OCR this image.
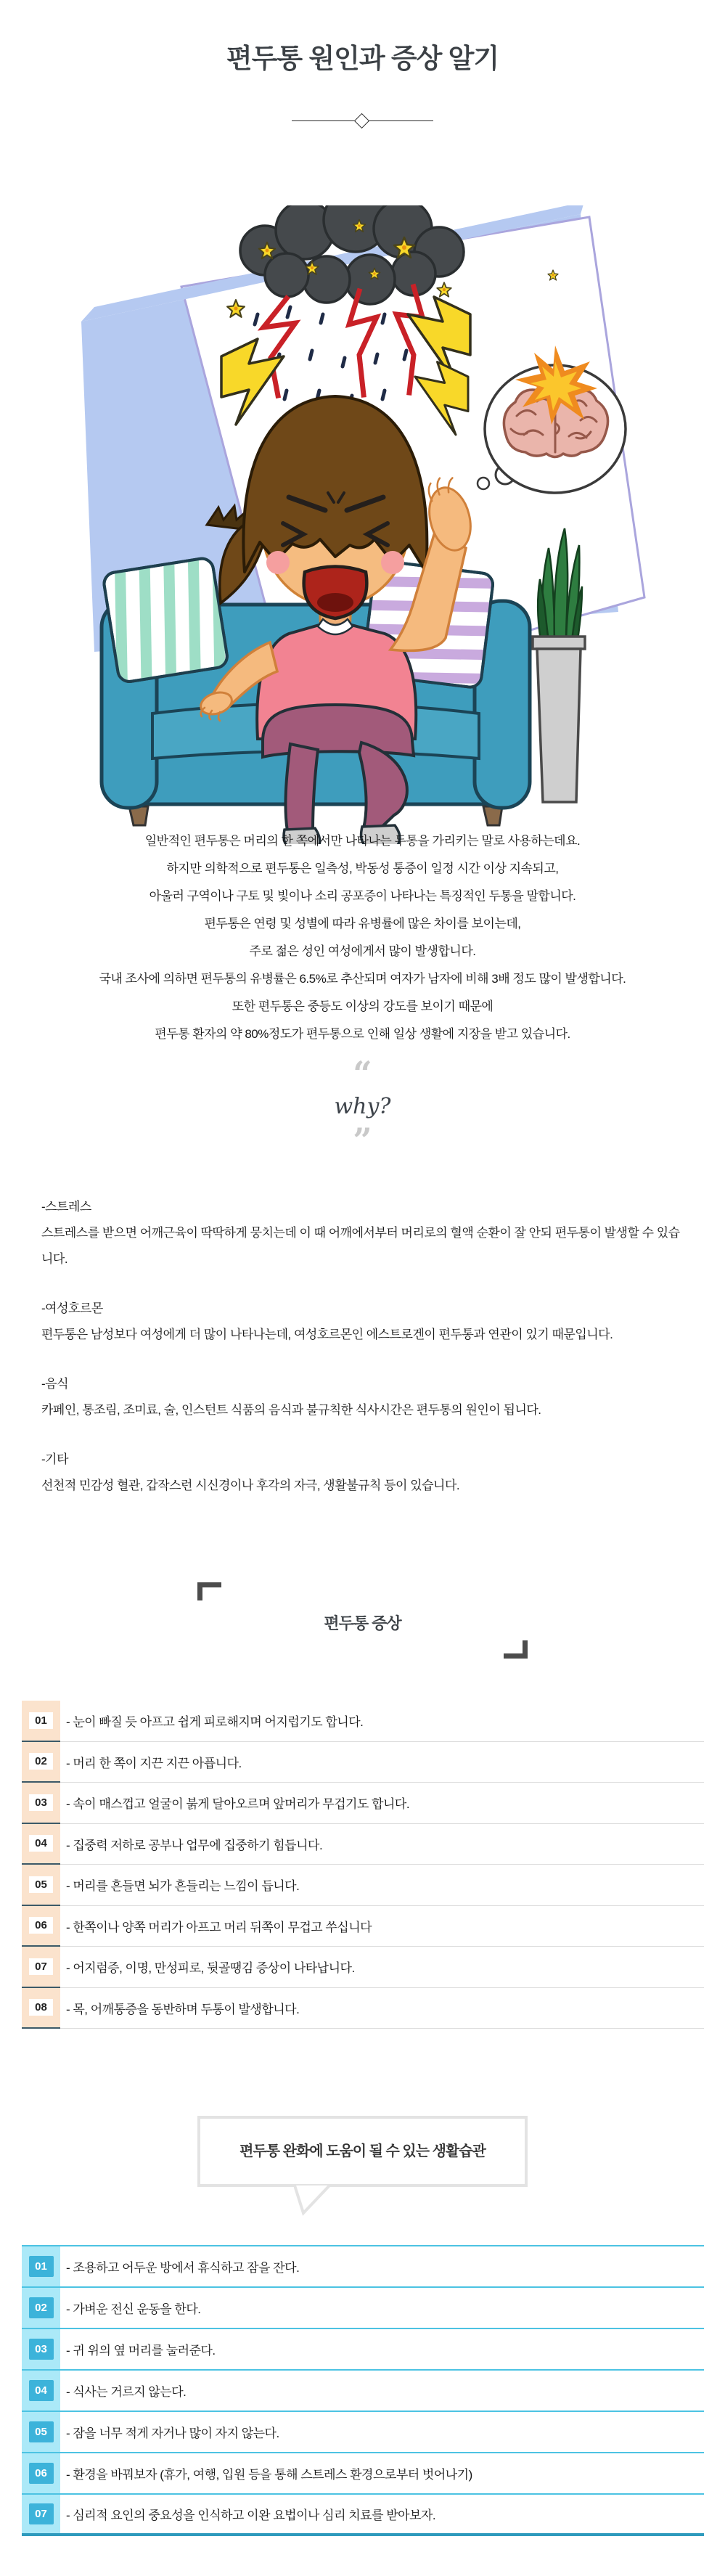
편두통 원인과 증상 알기
일반적인 편두통은 머리의 한 쪽에서만 나타나는 두통을 가리키는 말로 사용하는데요.
하지만 의학적으로 편두통은 일측성, 박동성 통증이 일정 시간 이상 지속되고,
아울러 구역이나 구토 및 빛이나 소리 공포증이 나타나는 특징적인 두통을 말합니다.
편두통은 연령 및 성별에 따라 유병률에 많은 차이를 보이는데,
주로 젊은 성인 여성에게서 많이 발생합니다.
국내 조사에 의하면 편두통의 유병률은 6.5%로 추산되며 여자가 남자에 비해 3배 정도 많이 발생합니다.
또한 편두통은 중등도 이상의 강도를 보이기 때문에
편두통 환자의 약 80%정도가 편두통으로 인해 일상 생활에 지장을 받고 있습니다.
“
why?
”
-스트레스
스트레스를 받으면 어깨근육이 딱딱하게 뭉치는데 이 때 어깨에서부터 머리로의 혈액 순환이 잘 안되 편두통이 발생할 수 있습니다.
-여성호르몬
편두통은 남성보다 여성에게 더 많이 나타나는데, 여성호르몬인 에스트로겐이 편두통과 연관이 있기 때문입니다.
-음식
카페인, 통조림, 조미료, 술, 인스턴트 식품의 음식과 불규칙한 식사시간은 편두통의 원인이 됩니다.
-기타
선천적 민감성 혈관, 갑작스런 시신경이나 후각의 자극, 생활불규칙 등이 있습니다.
편두통 증상
01	- 눈이 빠질 듯 아프고 쉽게 피로해지며 어지럽기도 합니다.
02	- 머리 한 쪽이 지끈 지끈 아픕니다.
03	- 속이 매스껍고 얼굴이 붉게 달아오르며 앞머리가 무겁기도 합니다.
04	- 집중력 저하로 공부나 업무에 집중하기 힘듭니다.
05	- 머리를 흔들면 뇌가 흔들리는 느낌이 듭니다.
06	- 한쪽이나 양쪽 머리가 아프고 머리 뒤쪽이 무겁고 쑤십니다
07	- 어지럼증, 이명, 만성피로, 뒷골땡김 증상이 나타납니다.
08	- 목, 어깨통증을 동반하며 두통이 발생합니다.
편두통 완화에 도움이 될 수 있는 생활습관
01	- 조용하고 어두운 방에서 휴식하고 잠을 잔다.
02	- 가벼운 전신 운동을 한다.
03	- 귀 위의 옆 머리를 눌러준다.
04	- 식사는 거르지 않는다.
05	- 잠을 너무 적게 자거나 많이 자지 않는다.
06	- 환경을 바꿔보자 (휴가, 여행, 입원 등을 통해 스트레스 환경으로부터 벗어나기)
07	- 심리적 요인의 중요성을 인식하고 이완 요법이나 심리 치료를 받아보자.
